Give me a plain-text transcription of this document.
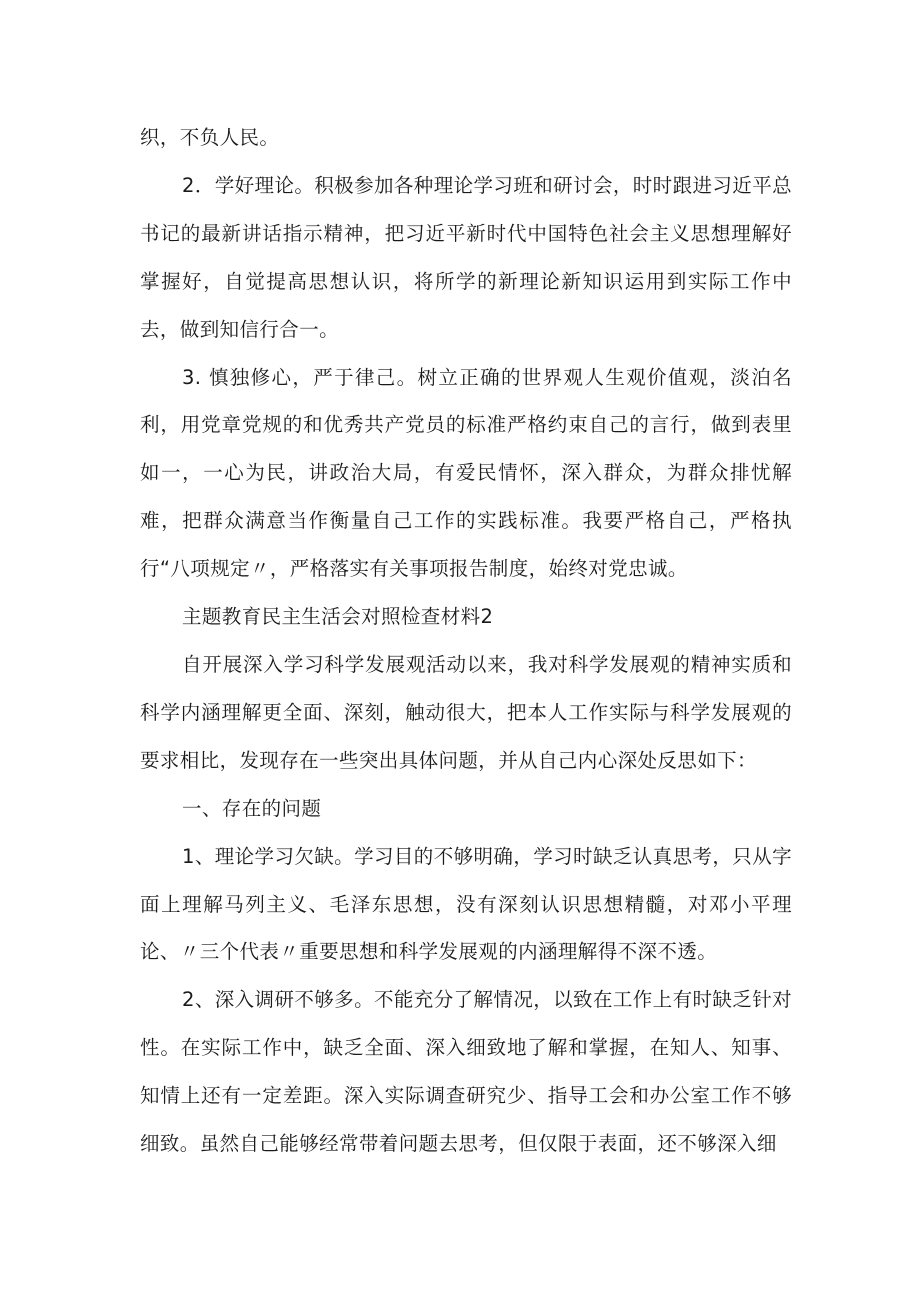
织，不负人民。

2．学好理论。积极参加各种理论学习班和研讨会，时时跟进习近平总书记的最新讲话指示精神，把习近平新时代中国特色社会主义思想理解好掌握好，自觉提高思想认识，将所学的新理论新知识运用到实际工作中去，做到知信行合一。

3. 慎独修心，严于律己。树立正确的世界观人生观价值观，淡泊名利，用党章党规的和优秀共产党员的标准严格约束自己的言行，做到表里如一，一心为民，讲政治大局，有爱民情怀，深入群众，为群众排忧解难，把群众满意当作衡量自己工作的实践标准。我要严格自己，严格执行“八项规定〃，严格落实有关事项报告制度，始终对党忠诚。

主题教育民主生活会对照检查材料2

自开展深入学习科学发展观活动以来，我对科学发展观的精神实质和科学内涵理解更全面、深刻，触动很大，把本人工作实际与科学发展观的要求相比，发现存在一些突出具体问题，并从自己内心深处反思如下：

一、存在的问题

1、理论学习欠缺。学习目的不够明确，学习时缺乏认真思考，只从字面上理解马列主义、毛泽东思想，没有深刻认识思想精髓，对邓小平理论、〃三个代表〃重要思想和科学发展观的内涵理解得不深不透。

2、深入调研不够多。不能充分了解情况，以致在工作上有时缺乏针对性。在实际工作中，缺乏全面、深入细致地了解和掌握，在知人、知事、知情上还有一定差距。深入实际调查研究少、指导工会和办公室工作不够细致。虽然自己能够经常带着问题去思考，但仅限于表面，还不够深入细
